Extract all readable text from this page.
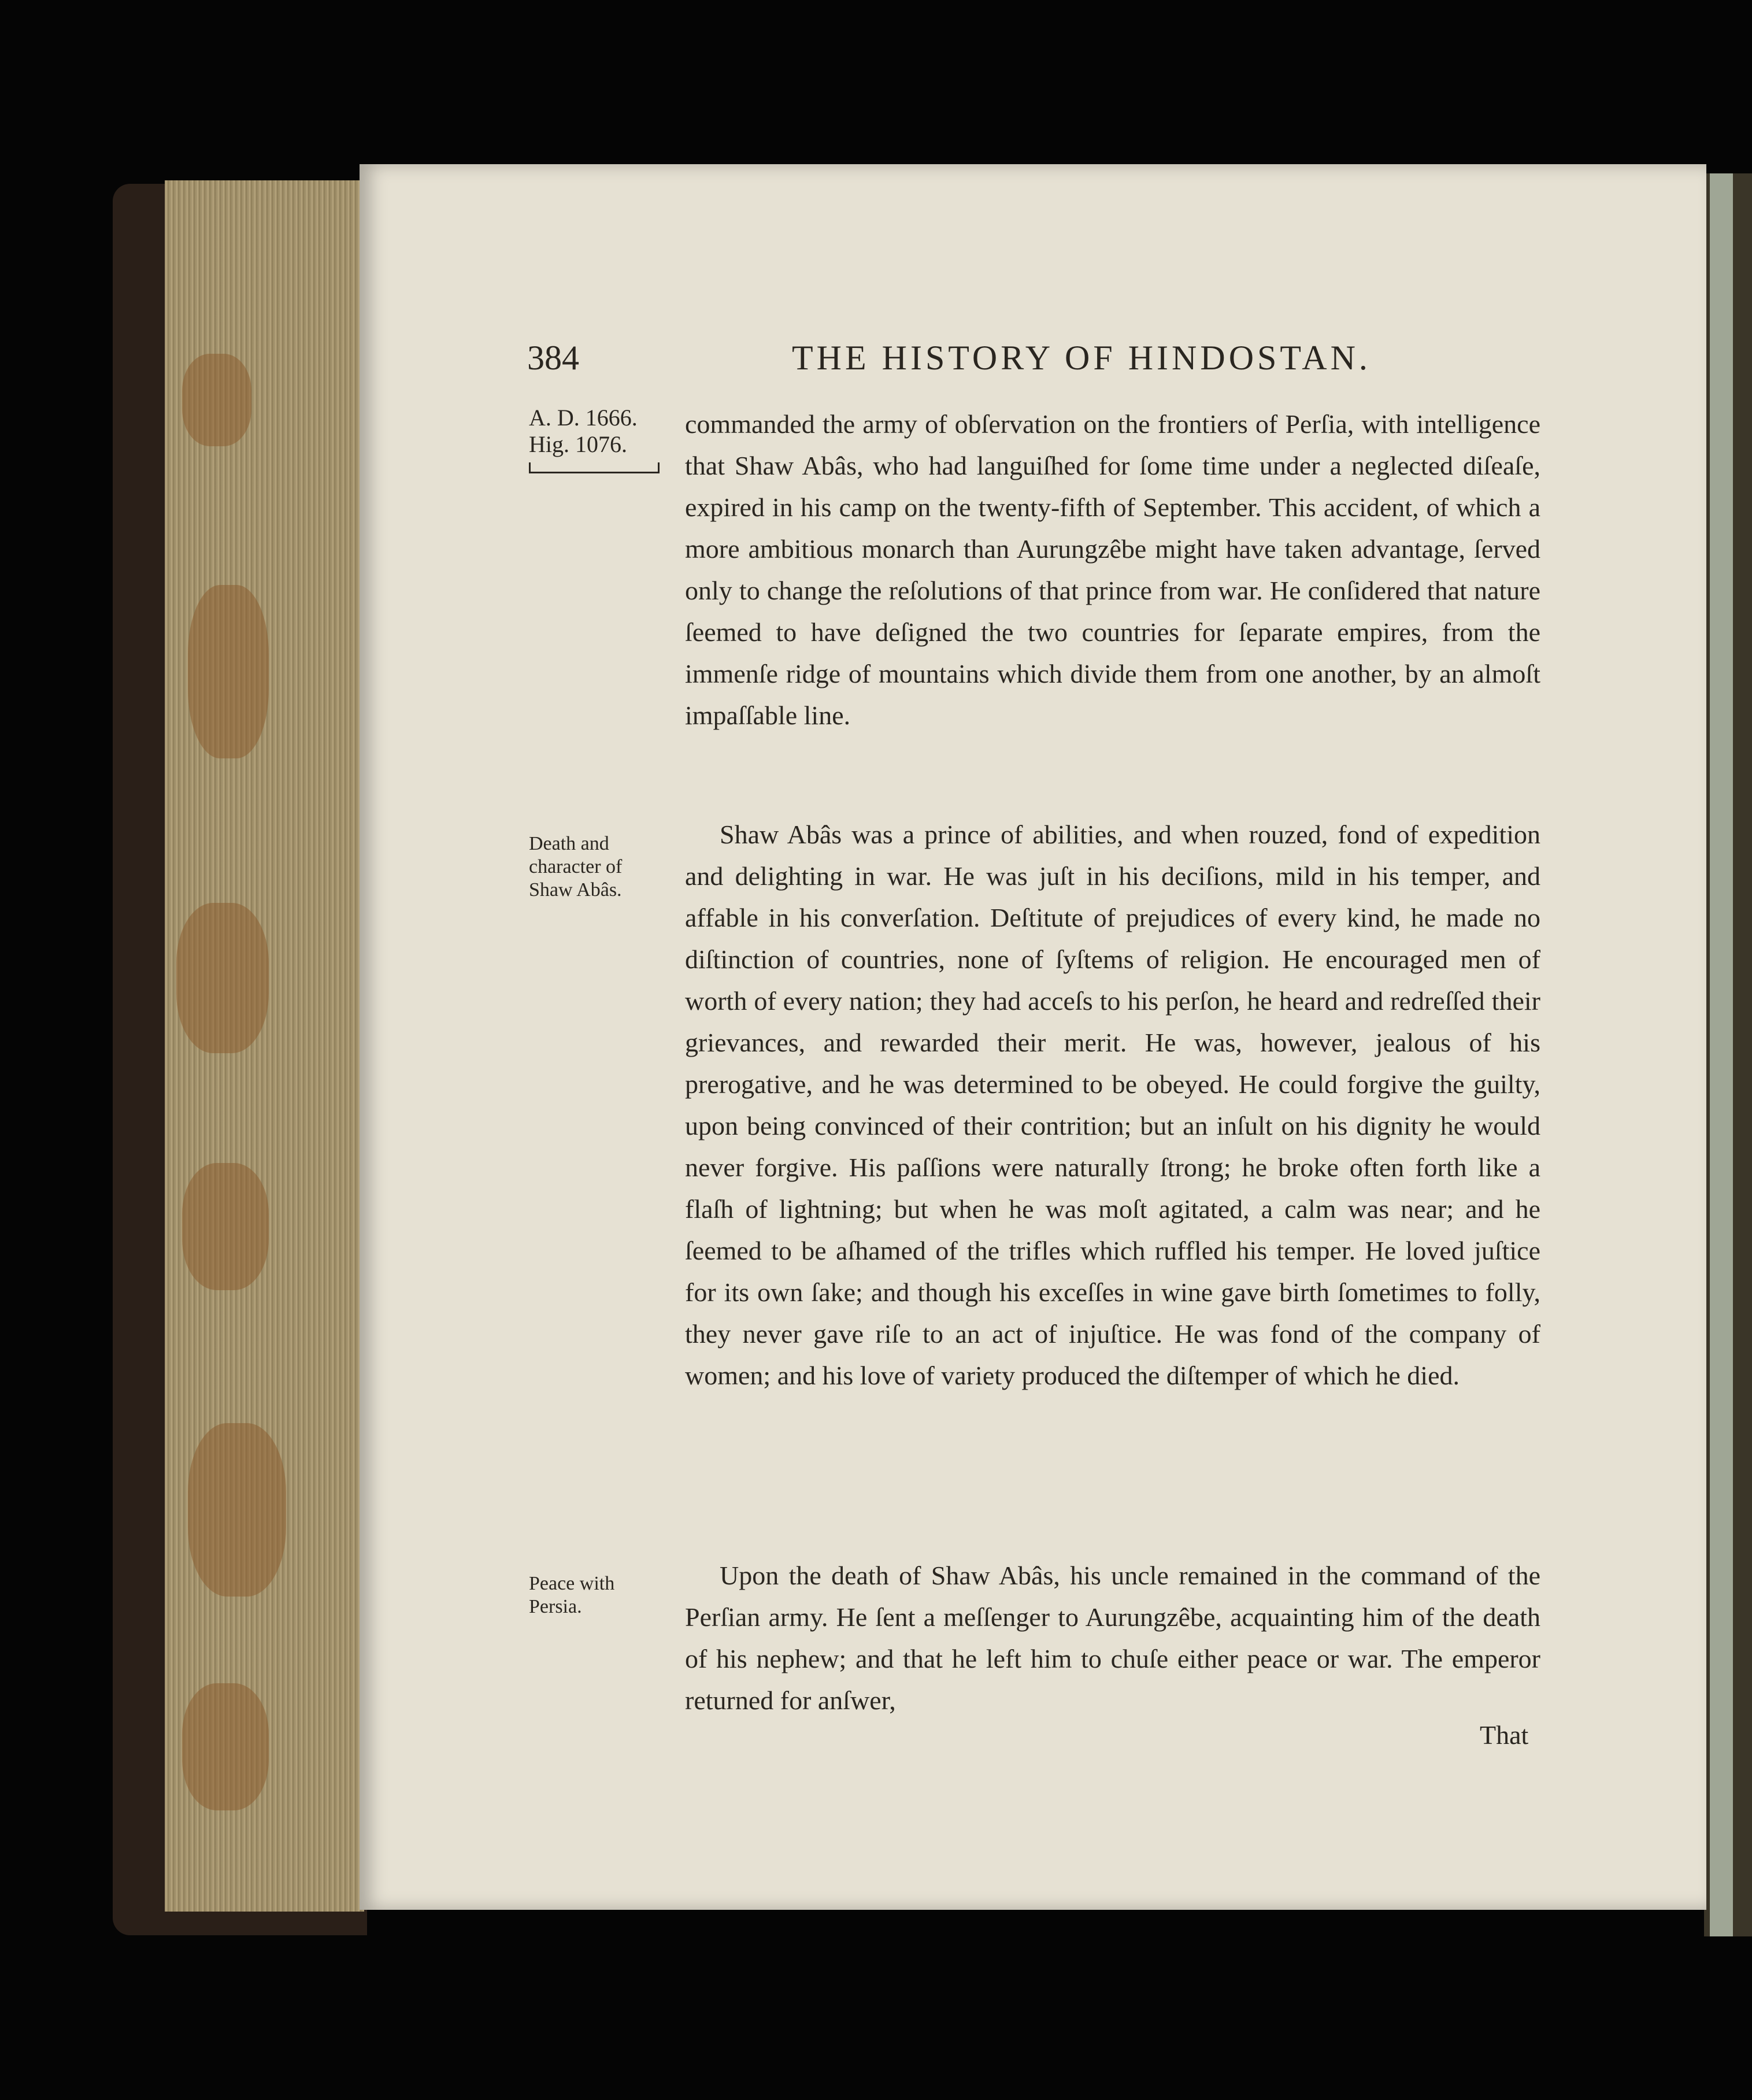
384	THE HISTORY OF HINDOSTAN.
A. D. 1666.
Hig. 1076.
Death and
character of
Shaw Abâs.
Peace with
Persia.

commanded the army of obſervation on the frontiers of Perſia, with intelligence that Shaw Abâs, who had languiſhed for ſome time under a neglected diſeaſe, expired in his camp on the twenty-fifth of September. This accident, of which a more ambitious monarch than Aurungzêbe might have taken advantage, ſerved only to change the reſolutions of that prince from war. He conſidered that nature ſeemed to have deſigned the two countries for ſeparate empires, from the immenſe ridge of mountains which divide them from one another, by an almoſt impaſſable line.

Shaw Abâs was a prince of abilities, and when rouzed, fond of expedition and delighting in war. He was juſt in his deciſions, mild in his temper, and affable in his converſation. Deſtitute of prejudices of every kind, he made no diſtinction of countries, none of ſyſtems of religion. He encouraged men of worth of every nation; they had acceſs to his perſon, he heard and redreſſed their grievances, and rewarded their merit. He was, however, jealous of his prerogative, and he was determined to be obeyed. He could forgive the guilty, upon being convinced of their contrition; but an inſult on his dignity he would never forgive. His paſſions were naturally ſtrong; he broke often forth like a flaſh of lightning; but when he was moſt agitated, a calm was near; and he ſeemed to be aſhamed of the trifles which ruffled his temper. He loved juſtice for its own ſake; and though his exceſſes in wine gave birth ſometimes to folly, they never gave riſe to an act of injuſtice. He was fond of the company of women; and his love of variety produced the diſtemper of which he died.

Upon the death of Shaw Abâs, his uncle remained in the command of the Perſian army. He ſent a meſſenger to Aurungzêbe, acquainting him of the death of his nephew; and that he left him to chuſe either peace or war. The emperor returned for anſwer,

That
